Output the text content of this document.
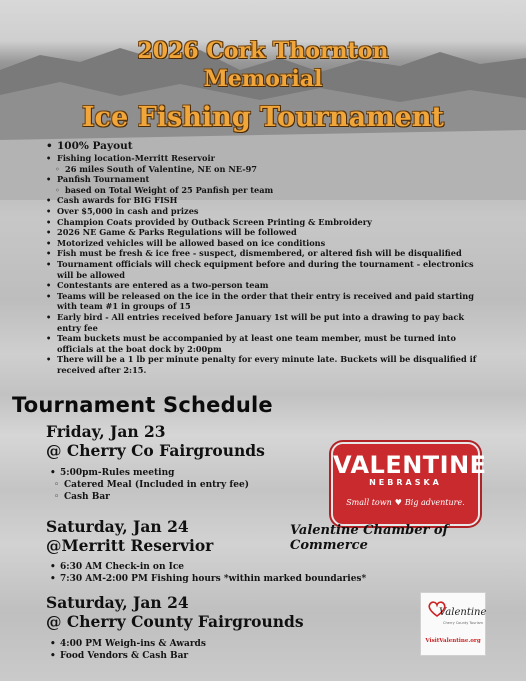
2026 Cork Thornton
Memorial
Ice Fishing Tournament
• 100% Payout
• Fishing location-Merritt Reservoir
◦ 26 miles South of Valentine, NE on NE-97
• Panfish Tournament
◦ based on Total Weight of 25 Panfish per team
• Cash awards for BIG FISH
• Over $5,000 in cash and prizes
• Champion Coats provided by Outback Screen Printing & Embroidery
• 2026 NE Game & Parks Regulations will be followed
• Motorized vehicles will be allowed based on ice conditions
• Fish must be fresh & ice free - suspect, dismembered, or altered fish will be disqualified
• Tournament officials will check equipment before and during the tournament - electronics will be allowed
• Contestants are entered as a two-person team
• Teams will be released on the ice in the order that their entry is received and paid starting with team #1 in groups of 15
• Early bird - All entries received before January 1st will be put into a drawing to pay back entry fee
• Team buckets must be accompanied by at least one team member, must be turned into officials at the boat dock by 2:00pm
• There will be a 1 lb per minute penalty for every minute late. Buckets will be disqualified if received after 2:15.
Tournament Schedule
Friday, Jan 23
@ Cherry Co Fairgrounds
• 5:00pm-Rules meeting
◦ Catered Meal (Included in entry fee)
◦ Cash Bar
Saturday, Jan 24
@Merritt Reservior
• 6:30 AM Check-in on Ice
• 7:30 AM-2:00 PM Fishing hours *within marked boundaries*
Saturday, Jan 24
@ Cherry County Fairgrounds
• 4:00 PM Weigh-ins & Awards
• Food Vendors & Cash Bar
VALENTINE
NEBRASKA
Small town ♥ Big adventure.
Valentine Chamber of Commerce
Valentine
Cherry County Tourism
VisitValentine.org
